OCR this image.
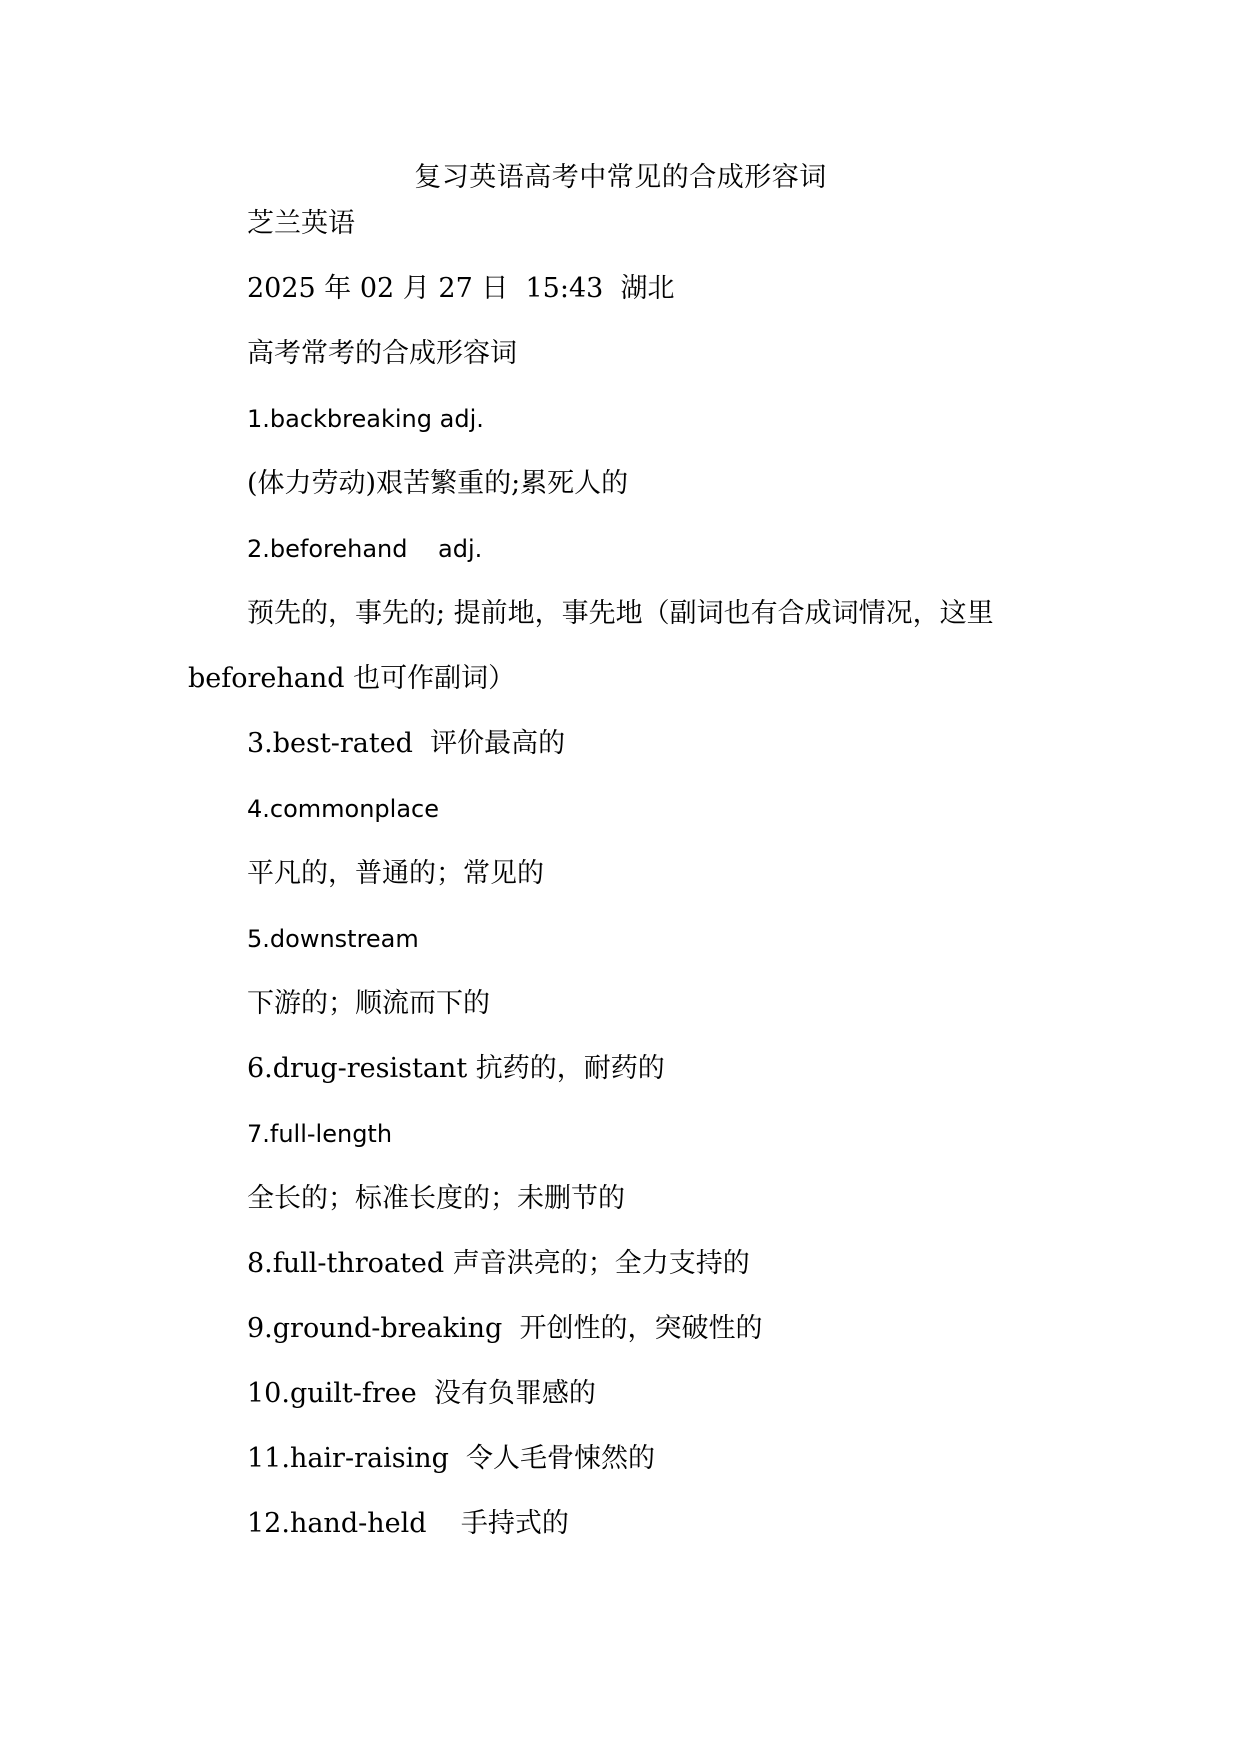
复习英语高考中常见的合成形容词
芝兰英语
2025 年 02 月 27 日  15:43  湖北
高考常考的合成形容词
1.backbreaking adj.
(体力劳动)艰苦繁重的;累死人的
2.beforehand    adj.
预先的，事先的; 提前地，事先地（副词也有合成词情况，这里
beforehand 也可作副词）
3.best-rated  评价最高的
4.commonplace
平凡的，普通的；常见的
5.downstream
下游的；顺流而下的
6.drug-resistant 抗药的，耐药的
7.full-length
全长的；标准长度的；未删节的
8.full-throated 声音洪亮的；全力支持的
9.ground-breaking  开创性的，突破性的
10.guilt-free  没有负罪感的
11.hair-raising  令人毛骨悚然的
12.hand-held    手持式的
